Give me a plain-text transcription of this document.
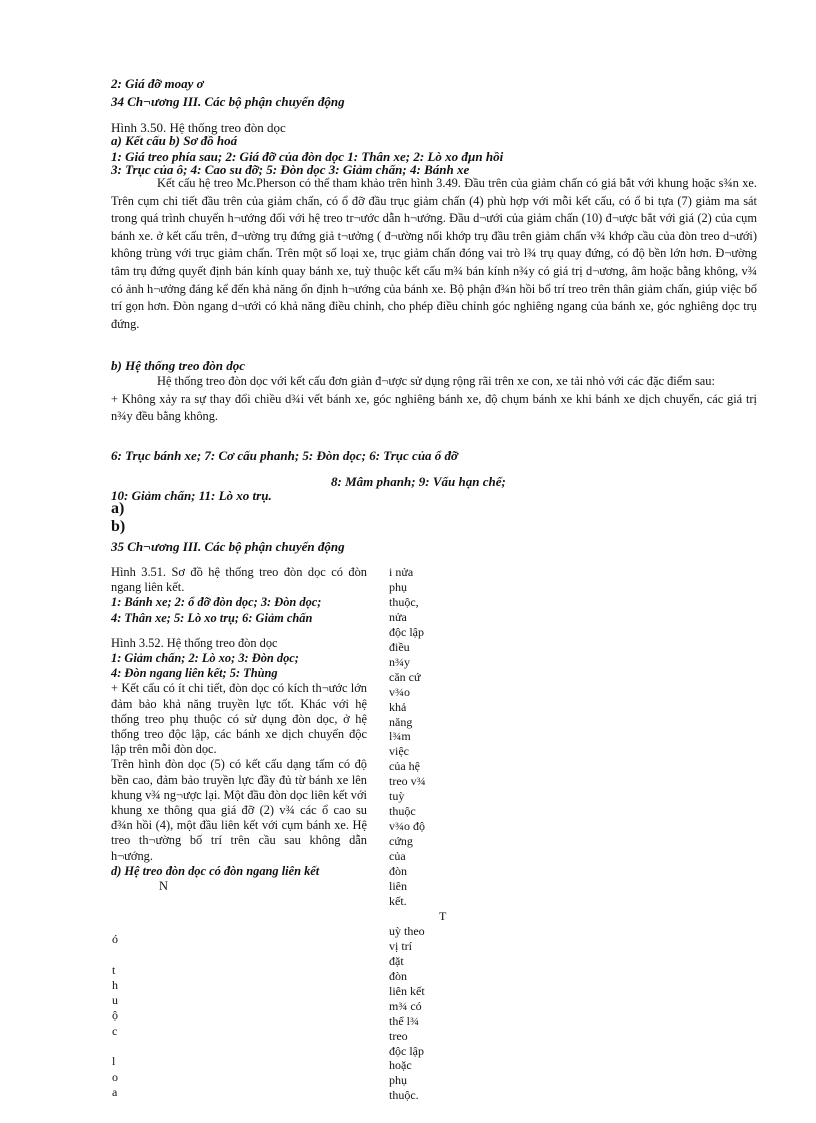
2: Giá đỡ moay ơ
34 Ch¬ương III. Các bộ phận chuyển động
Hình 3.50. Hệ thống treo đòn dọc
a) Kết cấu b) Sơ đồ hoá
1: Giá treo phía sau; 2: Giá đỡ của đòn dọc 1: Thân xe; 2: Lò xo đµn hồi
3: Trục của ô; 4: Cao su đỡ; 5: Đòn dọc 3: Giảm chấn; 4: Bánh xe

Kết cấu hệ treo Mc.Pherson có thể tham khảo trên hình 3.49. Đầu trên của giảm chấn có giá bắt với khung hoặc s¾n xe. Trên cụm chi tiết đầu trên của giảm chấn, có ổ đỡ đầu trục giảm chấn (4) phù hợp với mỗi kết cấu, có ổ bi tựa (7) giảm ma sát trong quá trình chuyển h¬ướng đối với hệ treo tr¬ước dẫn h¬ướng. Đầu d¬ưới của giảm chấn (10) đ¬ược bắt với giá (2) của cụm bánh xe. ở kết cấu trên, đ¬ường trụ đứng giả t¬ưởng ( đ¬ường nối khớp trụ đầu trên giảm chấn v¾ khớp cầu của đòn treo d¬ưới) không trùng với trục giảm chấn. Trên một số loại xe, trục giảm chấn đóng vai trò l¾ trụ quay đứng, có độ bền lớn hơn. Đ¬ường tâm trụ đứng quyết định bán kính quay bánh xe, tuỳ thuộc kết cấu m¾ bán kính n¾y có giá trị d¬ương, âm hoặc bằng không, v¾ có ảnh h¬ưởng đáng kể đến khả năng ổn định h¬ướng của bánh xe. Bộ phận đ¾n hồi bố trí treo trên thân giảm chấn, giúp việc bố trí gọn hơn. Đòn ngang d¬ưới có khả năng điều chỉnh, cho phép điều chỉnh góc nghiêng ngang của bánh xe, góc nghiêng dọc trụ đứng.

b) Hệ thống treo đòn dọc

Hệ thống treo đòn dọc với kết cấu đơn giản đ¬ược sử dụng rộng rãi trên xe con, xe tải nhỏ với các đặc điểm sau:

+ Không xảy ra sự thay đổi chiều d¾i vết bánh xe, góc nghiêng bánh xe, độ chụm bánh xe khi bánh xe dịch chuyển, các giá trị n¾y đều bằng không.

6: Trục bánh xe; 7: Cơ cấu phanh; 5: Đòn dọc; 6: Trục của ổ đỡ
8: Mâm phanh; 9: Vấu hạn chế;
10: Giảm chấn; 11: Lò xo trụ.
a)
b)
35 Ch¬ương III. Các bộ phận chuyển động

Hình 3.51. Sơ đồ hệ thống treo đòn dọc có đòn ngang liên kết.

1: Bánh xe; 2: ổ đỡ đòn dọc; 3: Đòn dọc;

4: Thân xe; 5: Lò xo trụ; 6: Giảm chấn

Hình 3.52. Hệ thống treo đòn dọc

1: Giảm chấn; 2: Lò xo; 3: Đòn dọc;

4: Đòn ngang liên kết; 5: Thùng

+ Kết cấu có ít chi tiết, đòn dọc có kích th¬ước lớn đảm bảo khả năng truyền lực tốt. Khác với hệ thống treo phụ thuộc có sử dụng đòn dọc, ở hệ thống treo độc lập, các bánh xe dịch chuyển độc lập trên mỗi đòn dọc.

Trên hình đòn dọc (5) có kết cấu dạng tấm có độ bền cao, đảm bảo truyền lực đầy đủ từ bánh xe lên khung v¾ ng¬ược lại. Một đầu đòn dọc liên kết với khung xe thông qua giá đỡ (2) v¾ các ổ cao su đ¾n hồi (4), một đầu liên kết với cụm bánh xe. Hệ treo th¬ường bố trí trên cầu sau không dẫn h¬ướng.

d) Hệ treo đòn dọc có đòn ngang liên kết

N

ó

t
h
u
ộ
c

l
o
a
i nửa
phụ
thuộc,
nửa
độc lập
điều
n¾y
căn cứ
v¾o
khả
năng
l¾m
việc
của hệ
treo v¾
tuỳ
thuộc
v¾o độ
cứng
của
đòn
liên
kết.
T
uỳ theo
vị trí
đặt
đòn
liên kết
m¾ có
thể l¾
treo
độc lập
hoặc
phụ
thuộc.
